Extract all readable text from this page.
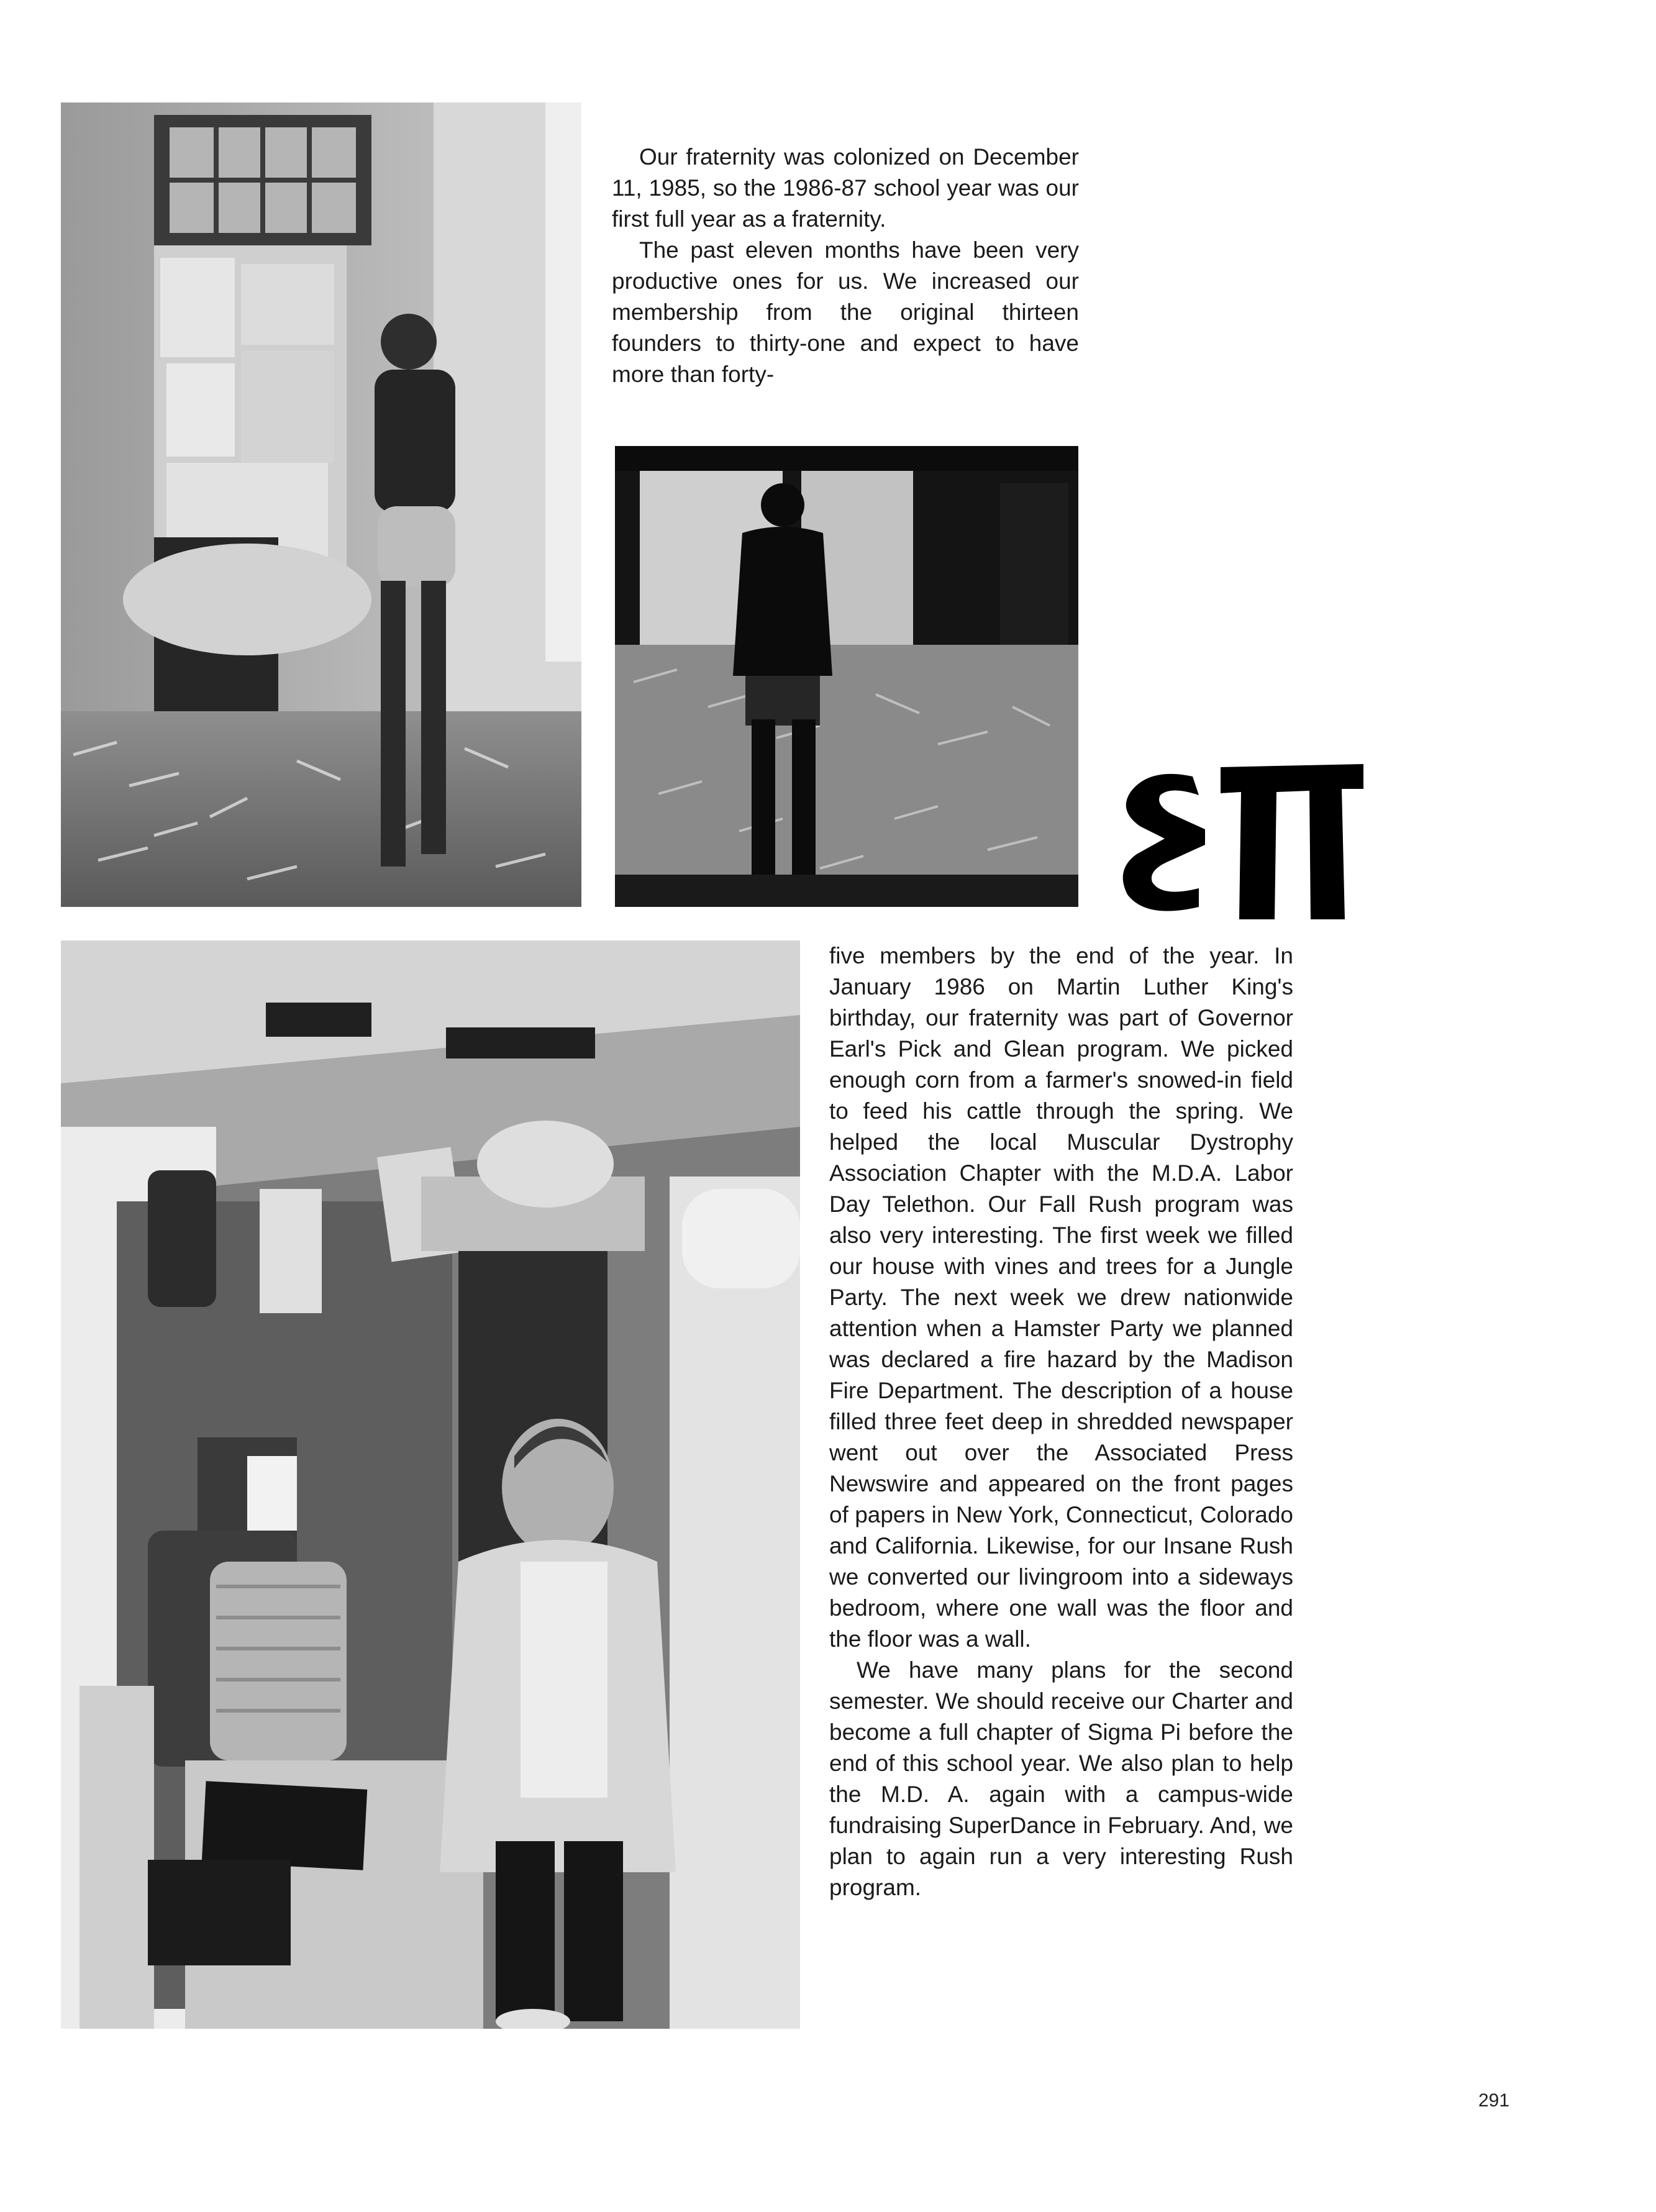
Our fraternity was colonized on December 11, 1985, so the 1986-87 school year was our first full year as a fraternity.

The past eleven months have been very productive ones for us. We increased our membership from the original thirteen founders to thirty-one and expect to have more than forty-

ΣΠ

five members by the end of the year. In January 1986 on Martin Luther King's birthday, our fraternity was part of Governor Earl's Pick and Glean program. We picked enough corn from a farmer's snowed-in field to feed his cattle through the spring. We helped the local Muscular Dystrophy Association Chapter with the M.D.A. Labor Day Telethon. Our Fall Rush program was also very interesting. The first week we filled our house with vines and trees for a Jungle Party. The next week we drew nationwide attention when a Hamster Party we planned was declared a fire hazard by the Madison Fire Department. The description of a house filled three feet deep in shredded newspaper went out over the Associated Press Newswire and appeared on the front pages of papers in New York, Connecticut, Colorado and California. Likewise, for our Insane Rush we converted our livingroom into a sideways bedroom, where one wall was the floor and the floor was a wall.

We have many plans for the second semester. We should receive our Charter and become a full chapter of Sigma Pi before the end of this school year. We also plan to help the M.D. A. again with a campus-wide fundraising SuperDance in February. And, we plan to again run a very interesting Rush program.

291
